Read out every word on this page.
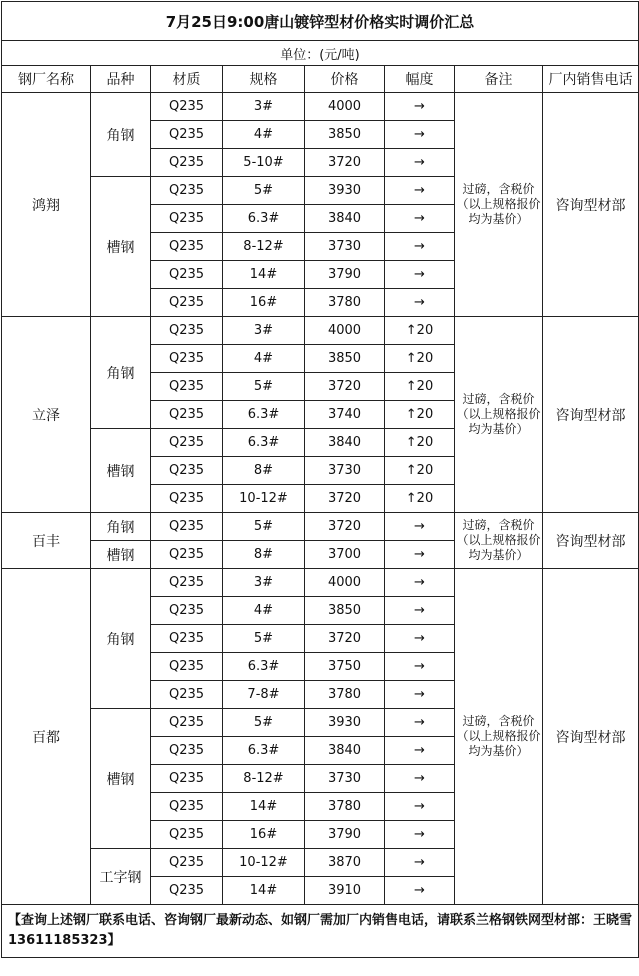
7月25日9:00唐山镀锌型材价格实时调价汇总							
单位：(元/吨)							
钢厂名称	品种	材质	规格	价格	幅度	备注	厂内销售电话
鸿翔	角钢	Q235	3#	4000	→	过磅，含税价（以上规格报价均为基价）	咨询型材部
		Q235	4#	3850	→		
		Q235	5-10#	3720	→		
	槽钢	Q235	5#	3930	→		
		Q235	6.3#	3840	→		
		Q235	8-12#	3730	→		
		Q235	14#	3790	→		
		Q235	16#	3780	→		
立泽	角钢	Q235	3#	4000	↑20	过磅，含税价（以上规格报价均为基价）	咨询型材部
		Q235	4#	3850	↑20		
		Q235	5#	3720	↑20		
		Q235	6.3#	3740	↑20		
	槽钢	Q235	6.3#	3840	↑20		
		Q235	8#	3730	↑20		
		Q235	10-12#	3720	↑20		
百丰	角钢	Q235	5#	3720	→	过磅，含税价（以上规格报价均为基价）	咨询型材部
	槽钢	Q235	8#	3700	→		
百都	角钢	Q235	3#	4000	→	过磅，含税价（以上规格报价均为基价）	咨询型材部
		Q235	4#	3850	→		
		Q235	5#	3720	→		
		Q235	6.3#	3750	→		
		Q235	7-8#	3780	→		
	槽钢	Q235	5#	3930	→		
		Q235	6.3#	3840	→		
		Q235	8-12#	3730	→		
		Q235	14#	3780	→		
		Q235	16#	3790	→		
	工字钢	Q235	10-12#	3870	→		
		Q235	14#	3910	→		
【查询上述钢厂联系电话、咨询钢厂最新动态、如钢厂需加厂内销售电话，请联系兰格钢铁网型材部：王晓雪13611185323】							
